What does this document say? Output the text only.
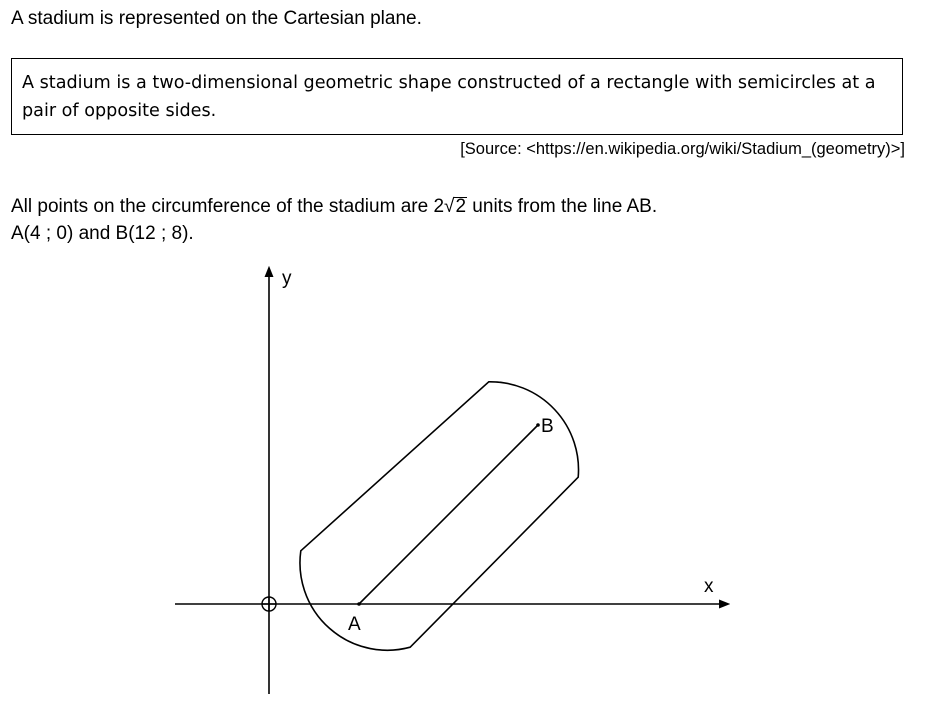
A stadium is represented on the Cartesian plane.

A stadium is a two-dimensional geometric shape constructed of a rectangle with semicircles at a
pair of opposite sides.

[Source: <https://en.wikipedia.org/wiki/Stadium_(geometry)>]

All points on the circumference of the stadium are 2√2 units from the line AB.
A(4 ; 0) and B(12 ; 8).
y
x
A
B
